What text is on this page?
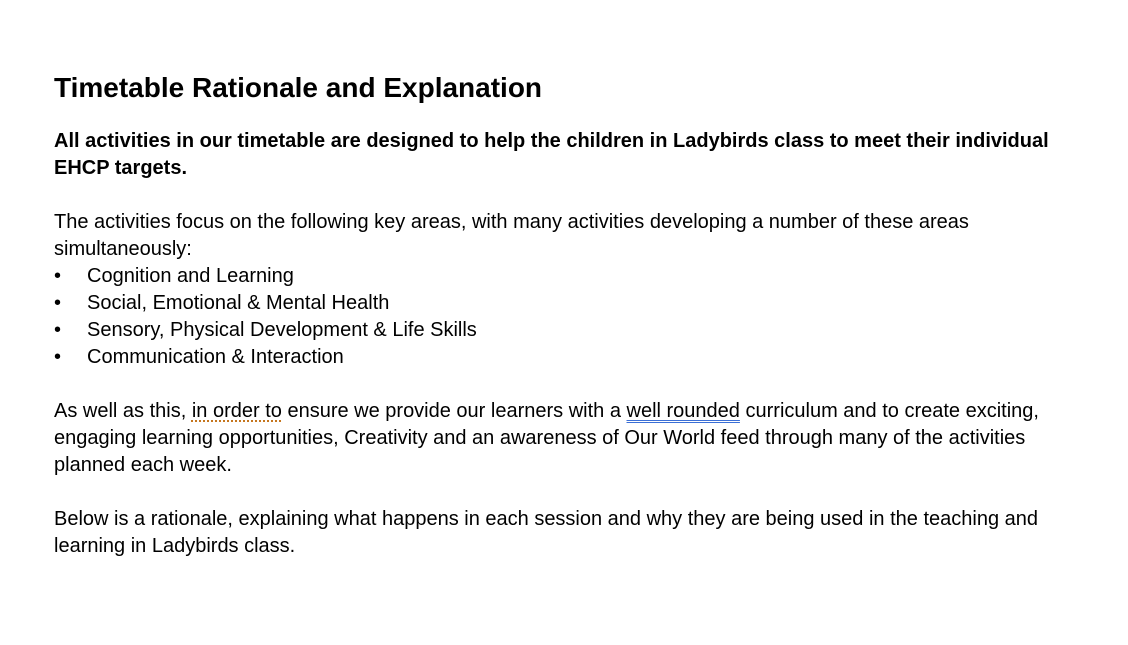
Timetable Rationale and Explanation

All activities in our timetable are designed to help the children in Ladybirds class to meet their individual EHCP targets.

The activities focus on the following key areas, with many activities developing a number of these areas simultaneously:

• Cognition and Learning
• Social, Emotional & Mental Health
• Sensory, Physical Development & Life Skills
• Communication & Interaction

As well as this, in order to ensure we provide our learners with a well rounded curriculum and to create exciting, engaging learning opportunities, Creativity and an awareness of Our World feed through many of the activities planned each week.

Below is a rationale, explaining what happens in each session and why they are being used in the teaching and learning in Ladybirds class.
